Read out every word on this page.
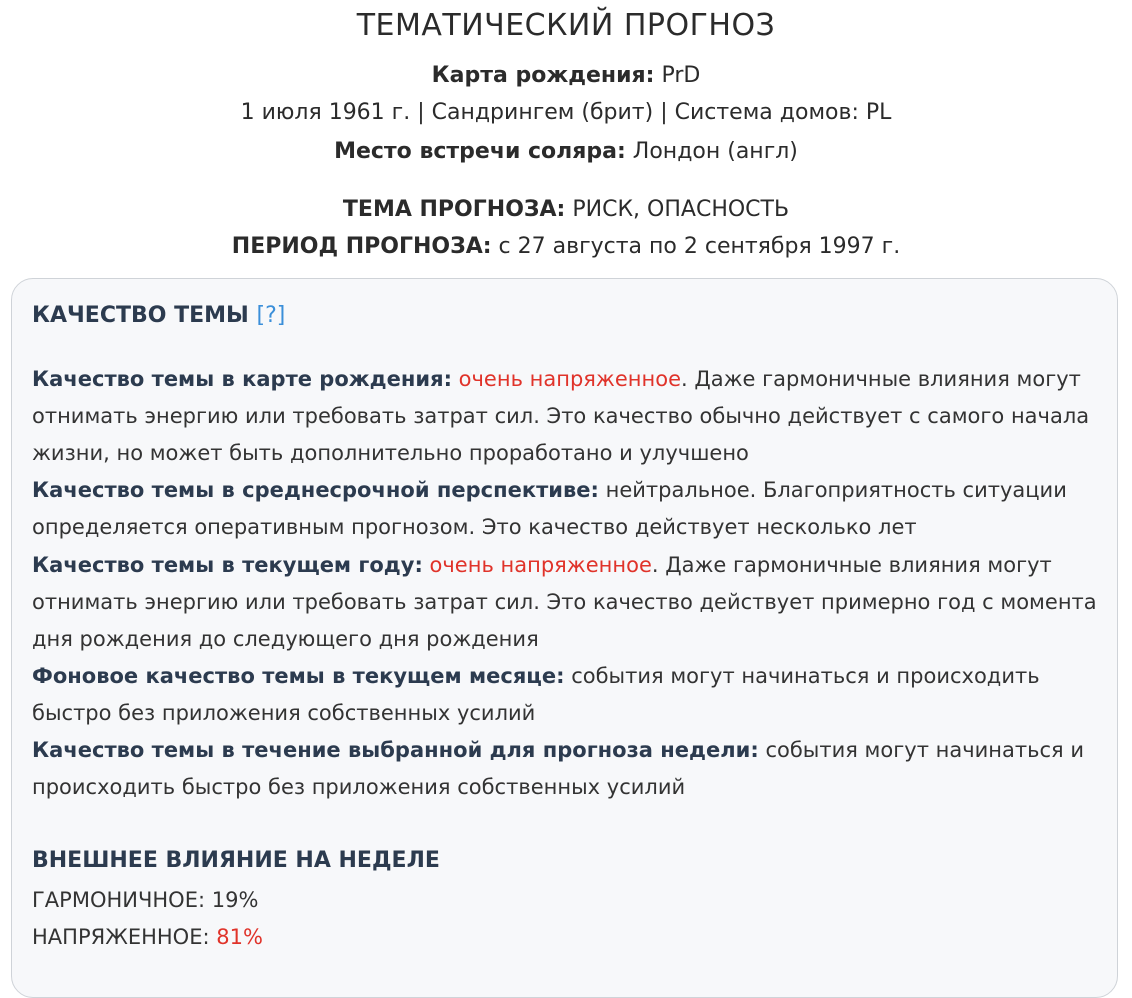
ТЕМАТИЧЕСКИЙ ПРОГНОЗ
Карта рождения: PrD
1 июля 1961 г. | Сандрингем (брит) | Система домов: PL
Место встречи соляра: Лондон (англ)
ТЕМА ПРОГНОЗА: РИСК, ОПАСНОСТЬ
ПЕРИОД ПРОГНОЗА: с 27 августа по 2 сентября 1997 г.
КАЧЕСТВО ТЕМЫ [?]
Качество темы в карте рождения: очень напряженное. Даже гармоничные влияния могут отнимать энергию или требовать затрат сил. Это качество обычно действует с самого начала жизни, но может быть дополнительно проработано и улучшено
Качество темы в среднесрочной перспективе: нейтральное. Благоприятность ситуации определяется оперативным прогнозом. Это качество действует несколько лет
Качество темы в текущем году: очень напряженное. Даже гармоничные влияния могут отнимать энергию или требовать затрат сил. Это качество действует примерно год с момента дня рождения до следующего дня рождения
Фоновое качество темы в текущем месяце: события могут начинаться и происходить быстро без приложения собственных усилий
Качество темы в течение выбранной для прогноза недели: события могут начинаться и происходить быстро без приложения собственных усилий
ВНЕШНЕЕ ВЛИЯНИЕ НА НЕДЕЛЕ
ГАРМОНИЧНОЕ: 19%
НАПРЯЖЕННОЕ: 81%
